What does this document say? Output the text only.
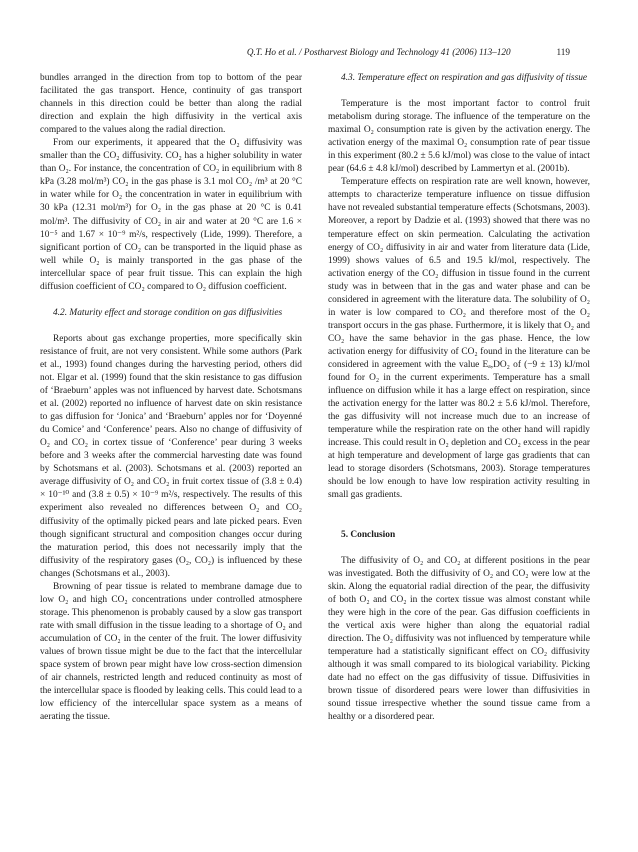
Q.T. Ho et al. / Postharvest Biology and Technology 41 (2006) 113–120	119

bundles arranged in the direction from top to bottom of the pear facilitated the gas transport. Hence, continuity of gas transport channels in this direction could be better than along the radial direction and explain the high diffusivity in the vertical axis compared to the values along the radial direction.

From our experiments, it appeared that the O₂ diffusivity was smaller than the CO₂ diffusivity. CO₂ has a higher solubility in water than O₂. For instance, the concentration of CO₂ in equilibrium with 8 kPa (3.28 mol/m³) CO₂ in the gas phase is 3.1 mol CO₂ /m³ at 20 °C in water while for O₂ the concentration in water in equilibrium with 30 kPa (12.31 mol/m³) for O₂ in the gas phase at 20 °C is 0.41 mol/m³. The diffusivity of CO₂ in air and water at 20 °C are 1.6 × 10⁻⁵ and 1.67 × 10⁻⁹ m²/s, respectively (Lide, 1999). Therefore, a significant portion of CO₂ can be transported in the liquid phase as well while O₂ is mainly transported in the gas phase of the intercellular space of pear fruit tissue. This can explain the high diffusion coefficient of CO₂ compared to O₂ diffusion coefficient.

4.2. Maturity effect and storage condition on gas diffusivities

Reports about gas exchange properties, more specifically skin resistance of fruit, are not very consistent. While some authors (Park et al., 1993) found changes during the harvesting period, others did not. Elgar et al. (1999) found that the skin resistance to gas diffusion of ‘Braeburn’ apples was not influenced by harvest date. Schotsmans et al. (2002) reported no influence of harvest date on skin resistance to gas diffusion for ‘Jonica’ and ‘Braeburn’ apples nor for ‘Doyenné du Comice’ and ‘Conference’ pears. Also no change of diffusivity of O₂ and CO₂ in cortex tissue of ‘Conference’ pear during 3 weeks before and 3 weeks after the commercial harvesting date was found by Schotsmans et al. (2003). Schotsmans et al. (2003) reported an average diffusivity of O₂ and CO₂ in fruit cortex tissue of (3.8 ± 0.4) × 10⁻¹⁰ and (3.8 ± 0.5) × 10⁻⁹ m²/s, respectively. The results of this experiment also revealed no differences between O₂ and CO₂ diffusivity of the optimally picked pears and late picked pears. Even though significant structural and composition changes occur during the maturation period, this does not necessarily imply that the diffusivity of the respiratory gases (O₂, CO₂) is influenced by these changes (Schotsmans et al., 2003).

Browning of pear tissue is related to membrane damage due to low O₂ and high CO₂ concentrations under controlled atmosphere storage. This phenomenon is probably caused by a slow gas transport rate with small diffusion in the tissue leading to a shortage of O₂ and accumulation of CO₂ in the center of the fruit. The lower diffusivity values of brown tissue might be due to the fact that the intercellular space system of brown pear might have low cross-section dimension of air channels, restricted length and reduced continuity as most of the intercellular space is flooded by leaking cells. This could lead to a low efficiency of the intercellular space system as a means of aerating the tissue.

4.3. Temperature effect on respiration and gas diffusivity of tissue

Temperature is the most important factor to control fruit metabolism during storage. The influence of the temperature on the maximal O₂ consumption rate is given by the activation energy. The activation energy of the maximal O₂ consumption rate of pear tissue in this experiment (80.2 ± 5.6 kJ/mol) was close to the value of intact pear (64.6 ± 4.8 kJ/mol) described by Lammertyn et al. (2001b).

Temperature effects on respiration rate are well known, however, attempts to characterize temperature influence on tissue diffusion have not revealed substantial temperature effects (Schotsmans, 2003). Moreover, a report by Dadzie et al. (1993) showed that there was no temperature effect on skin permeation. Calculating the activation energy of CO₂ diffusivity in air and water from literature data (Lide, 1999) shows values of 6.5 and 19.5 kJ/mol, respectively. The activation energy of the CO₂ diffusion in tissue found in the current study was in between that in the gas and water phase and can be considered in agreement with the literature data. The solubility of O₂ in water is low compared to CO₂ and therefore most of the O₂ transport occurs in the gas phase. Furthermore, it is likely that O₂ and CO₂ have the same behavior in the gas phase. Hence, the low activation energy for diffusivity of CO₂ found in the literature can be considered in agreement with the value Eₐ,DO₂ of (−9 ± 13) kJ/mol found for O₂ in the current experiments. Temperature has a small influence on diffusion while it has a large effect on respiration, since the activation energy for the latter was 80.2 ± 5.6 kJ/mol. Therefore, the gas diffusivity will not increase much due to an increase of temperature while the respiration rate on the other hand will rapidly increase. This could result in O₂ depletion and CO₂ excess in the pear at high temperature and development of large gas gradients that can lead to storage disorders (Schotsmans, 2003). Storage temperatures should be low enough to have low respiration activity resulting in small gas gradients.

5. Conclusion

The diffusivity of O₂ and CO₂ at different positions in the pear was investigated. Both the diffusivity of O₂ and CO₂ were low at the skin. Along the equatorial radial direction of the pear, the diffusivity of both O₂ and CO₂ in the cortex tissue was almost constant while they were high in the core of the pear. Gas diffusion coefficients in the vertical axis were higher than along the equatorial radial direction. The O₂ diffusivity was not influenced by temperature while temperature had a statistically significant effect on CO₂ diffusivity although it was small compared to its biological variability. Picking date had no effect on the gas diffusivity of tissue. Diffusivities in brown tissue of disordered pears were lower than diffusivities in sound tissue irrespective whether the sound tissue came from a healthy or a disordered pear.
